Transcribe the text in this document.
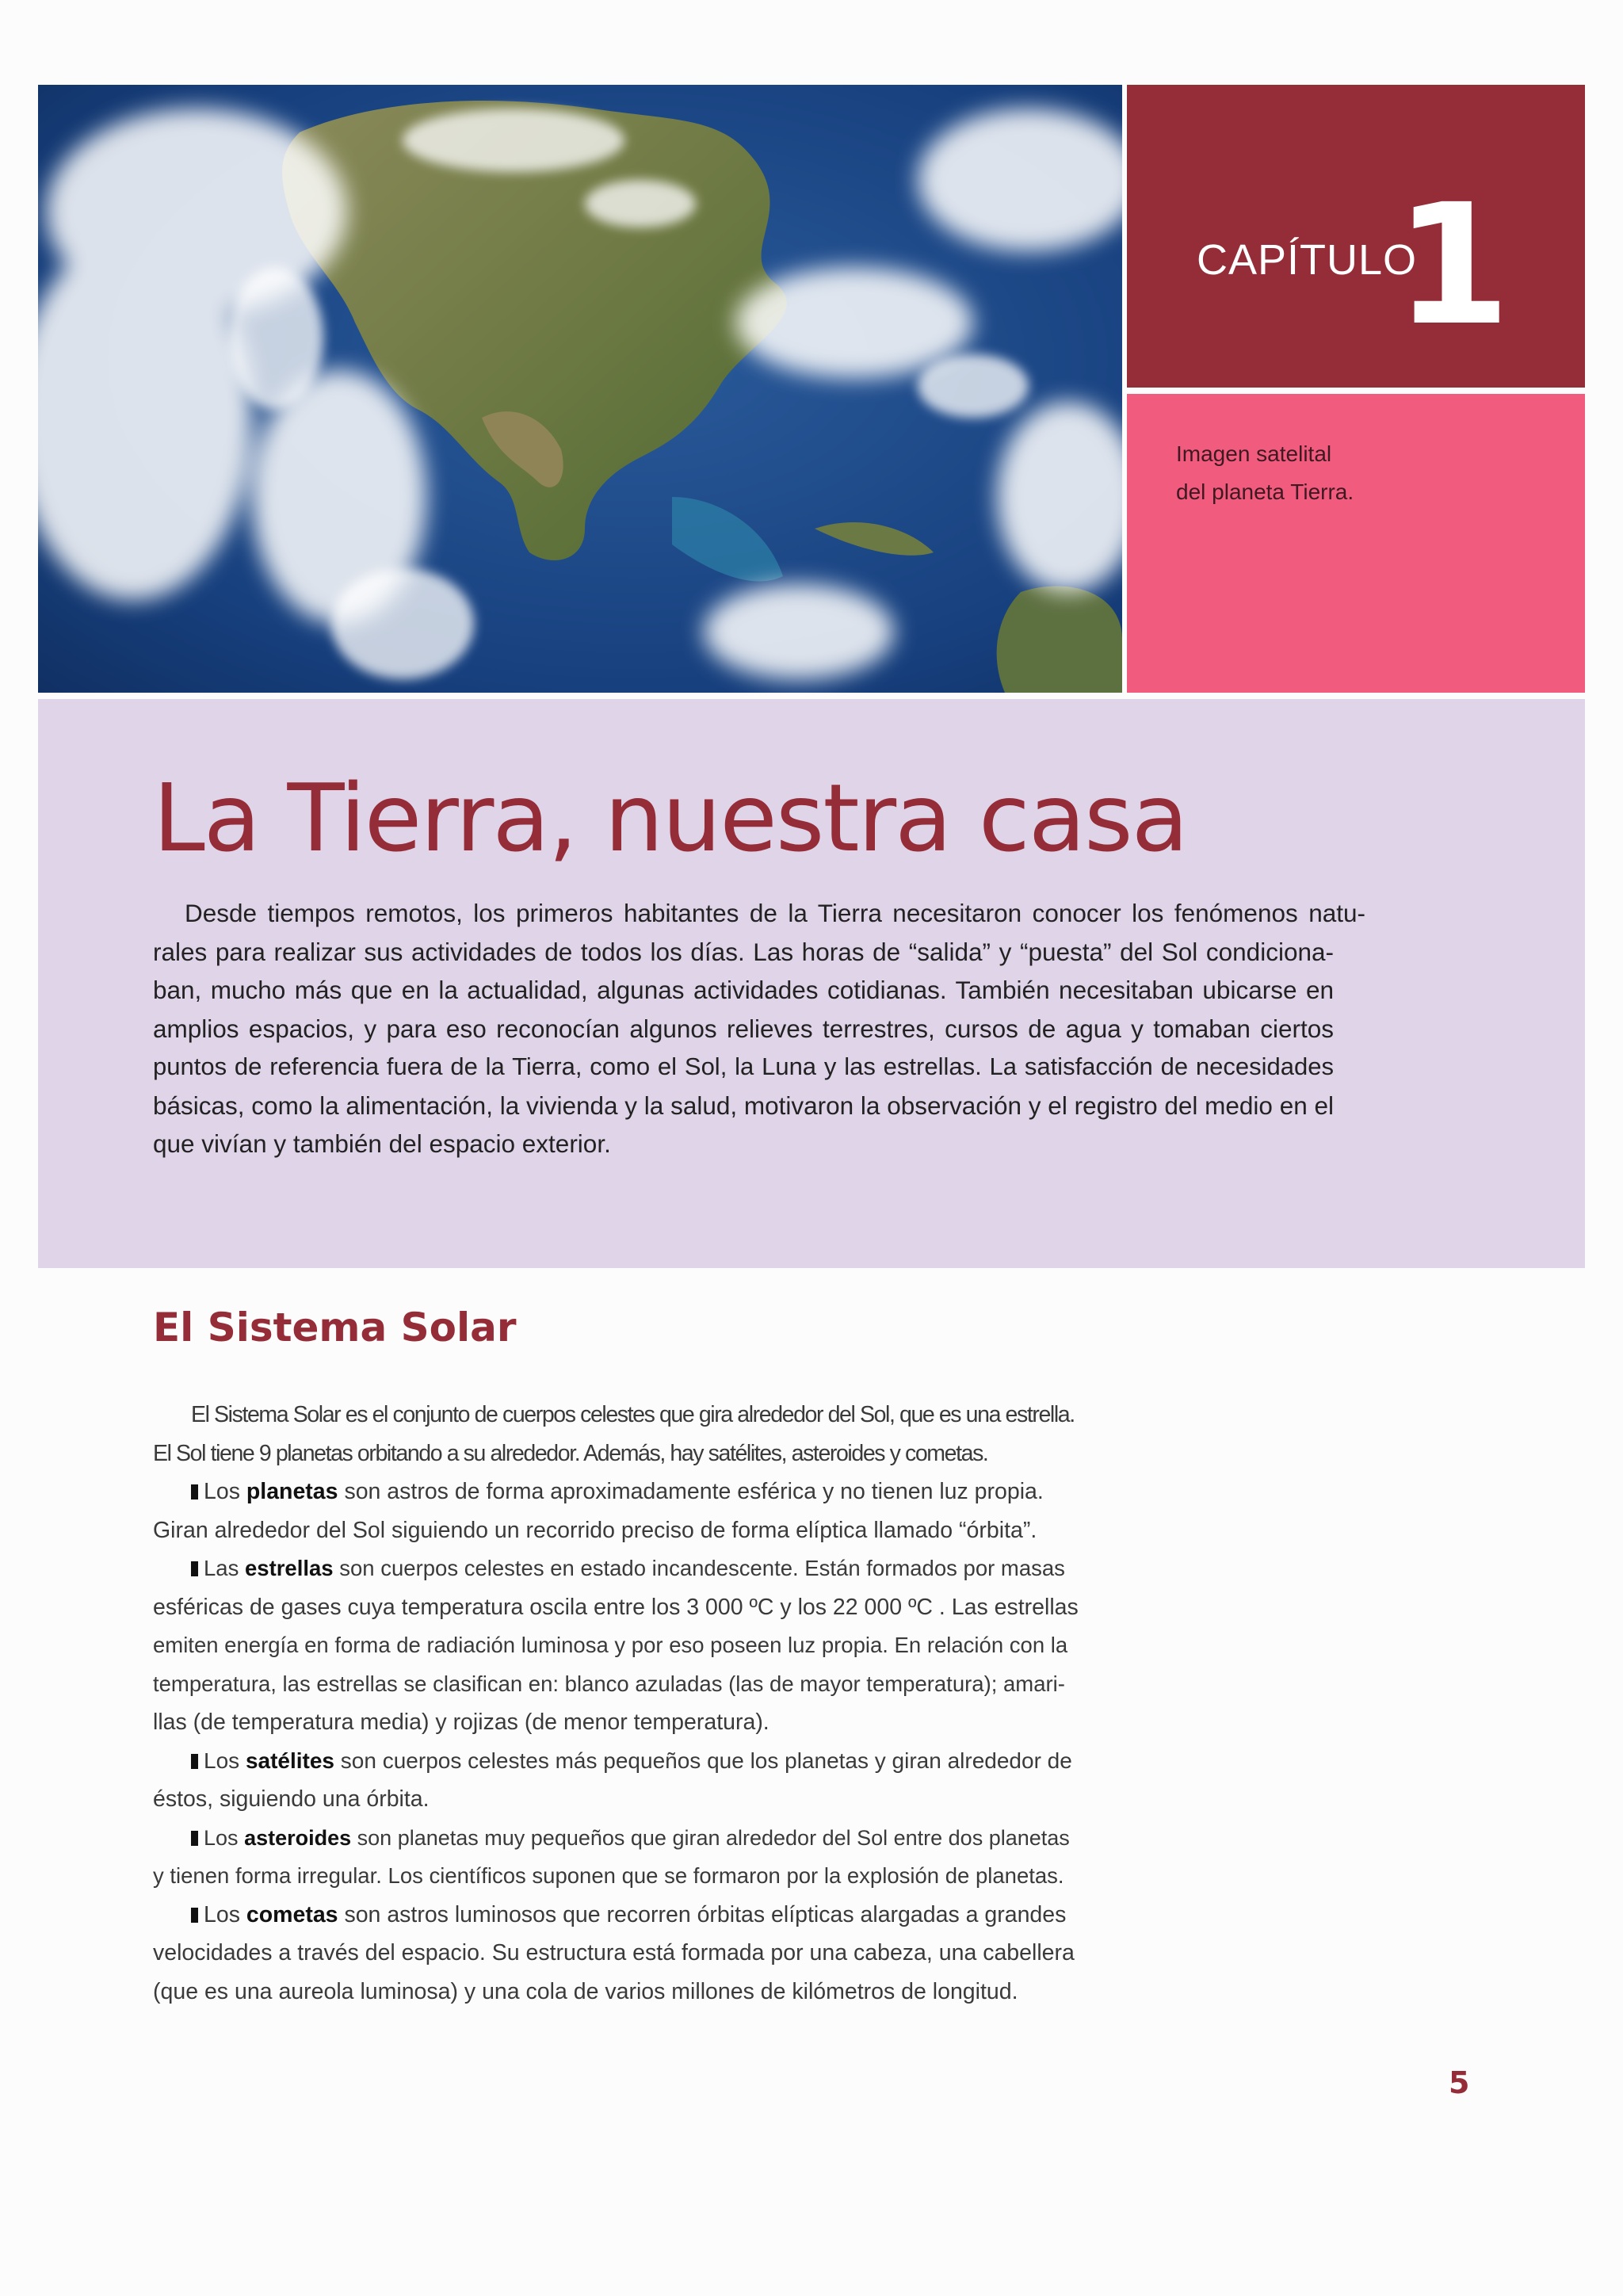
CAPÍTULO
1
Imagen satelital
del planeta Tierra.
La Tierra, nuestra casa
Desde tiempos remotos, los primeros habitantes de la Tierra necesitaron conocer los fenómenos natu-
rales para realizar sus actividades de todos los días. Las horas de “salida” y “puesta” del Sol condiciona-
ban, mucho más que en la actualidad, algunas actividades cotidianas. También necesitaban ubicarse en
amplios espacios, y para eso reconocían algunos relieves terrestres, cursos de agua y tomaban ciertos
puntos de referencia fuera de la Tierra, como el Sol, la Luna y las estrellas. La satisfacción de necesidades
básicas, como la alimentación, la vivienda y la salud, motivaron la observación y el registro del medio en el
que vivían y también del espacio exterior.
El Sistema Solar
El Sistema Solar es el conjunto de cuerpos celestes que gira alrededor del Sol, que es una estrella.
El Sol tiene 9 planetas orbitando a su alrededor. Además, hay satélites, asteroides y cometas.
Los planetas son astros de forma aproximadamente esférica y no tienen luz propia.
Giran alrededor del Sol siguiendo un recorrido preciso de forma elíptica llamado “órbita”.
Las estrellas son cuerpos celestes en estado incandescente. Están formados por masas
esféricas de gases cuya temperatura oscila entre los 3 000 ºC y los 22 000 ºC . Las estrellas
emiten energía en forma de radiación luminosa y por eso poseen luz propia. En relación con la
temperatura, las estrellas se clasifican en: blanco azuladas (las de mayor temperatura); amari-
llas (de temperatura media) y rojizas (de menor temperatura).
Los satélites son cuerpos celestes más pequeños que los planetas y giran alrededor de
éstos, siguiendo una órbita.
Los asteroides son planetas muy pequeños que giran alrededor del Sol entre dos planetas
y tienen forma irregular. Los científicos suponen que se formaron por la explosión de planetas.
Los cometas son astros luminosos que recorren órbitas elípticas alargadas a grandes
velocidades a través del espacio. Su estructura está formada por una cabeza, una cabellera
(que es una aureola luminosa) y una cola de varios millones de kilómetros de longitud.
5
